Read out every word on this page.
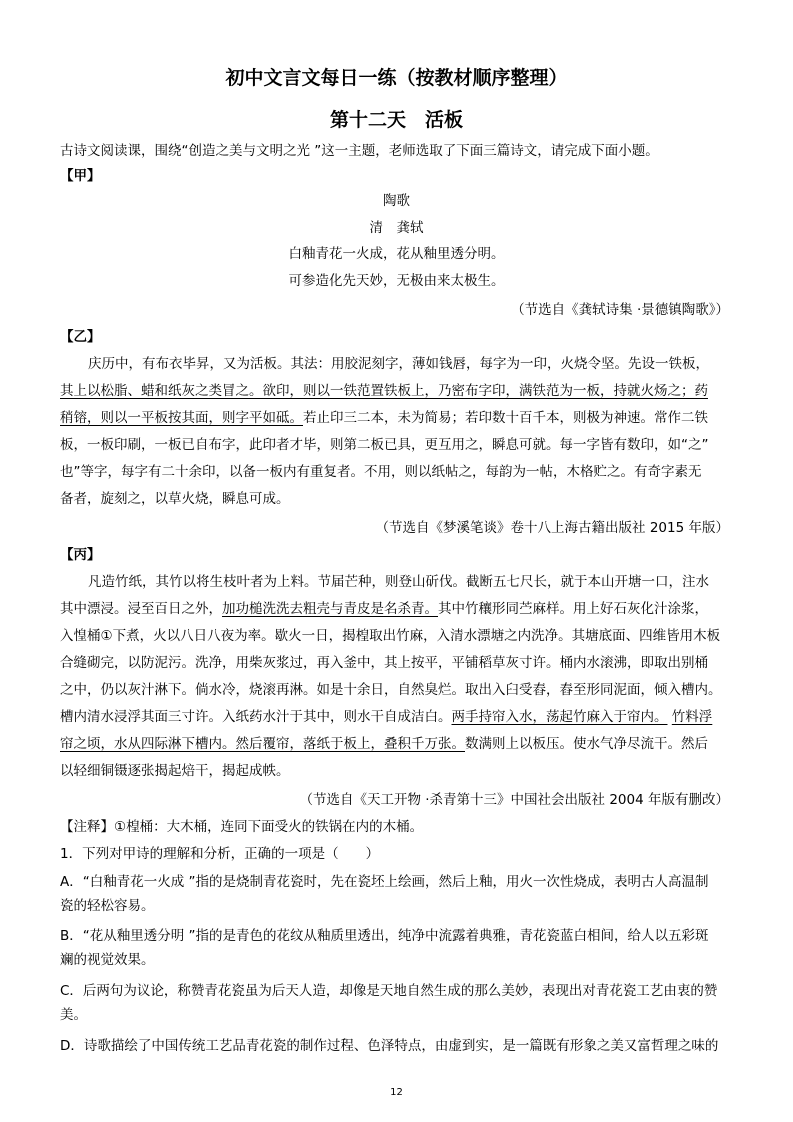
初中文言文每日一练（按教材顺序整理）
第十二天　活板
古诗文阅读课，围绕“创造之美与文明之光 ”这一主题，老师选取了下面三篇诗文，请完成下面小题。
【甲】
陶歌
清　龚轼
白釉青花一火成，花从釉里透分明。
可参造化先天妙，无极由来太极生。
（节选自《龚轼诗集 ·景德镇陶歌》）
【乙】
庆历中，有布衣毕昇，又为活板。其法：用胶泥刻字，薄如钱唇，每字为一印，火烧令坚。先设一铁板，
其上以松脂、蜡和纸灰之类冒之。欲印，则以一铁范置铁板上，乃密布字印，满铁范为一板，持就火炀之；药
稍镕，则以一平板按其面，则字平如砥。若止印三二本，未为简易；若印数十百千本，则极为神速。常作二铁
板，一板印刷，一板已自布字，此印者才毕，则第二板已具，更互用之，瞬息可就。每一字皆有数印，如“之”
也”等字，每字有二十余印，以备一板内有重复者。不用，则以纸帖之，每韵为一帖，木格贮之。有奇字素无
备者，旋刻之，以草火烧，瞬息可成。
（节选自《梦溪笔谈》卷十八上海古籍出版社 2015 年版）
【丙】
凡造竹纸，其竹以将生枝叶者为上料。节届芒种，则登山斫伐。截断五七尺长，就于本山开塘一口，注水
其中漂浸。浸至百日之外，加功槌洗洗去粗壳与青皮是名杀青。其中竹穰形同苎麻样。用上好石灰化汁涂浆，
入惶桶①下煮，火以八日八夜为率。歇火一日，揭楻取出竹麻，入清水漂塘之内洗净。其塘底面、四维皆用木板
合缝砌完，以防泥污。洗净，用柴灰浆过，再入釜中，其上按平，平铺稻草灰寸许。桶内水滚沸，即取出别桶
之中，仍以灰汁淋下。倘水冷，烧滚再淋。如是十余日，自然臭烂。取出入臼受舂，舂至形同泥面，倾入槽内。
槽内清水浸浮其面三寸许。入纸药水汁于其中，则水干自成洁白。两手持帘入水，荡起竹麻入于帘内。 竹料浮
帘之顷，水从四际淋下槽内。然后覆帘，落纸于板上，叠积千万张。数满则上以板压。使水气净尽流干。然后
以轻细铜镊逐张揭起焙干，揭起成帙。
（节选自《天工开物 ·杀青第十三》中国社会出版社 2004 年版有删改）
【注释】①楻桶：大木桶，连同下面受火的铁锅在内的木桶。
1．下列对甲诗的理解和分析，正确的一项是（　　）
A．“白釉青花一火成 ”指的是烧制青花瓷时，先在瓷坯上绘画，然后上釉，用火一次性烧成，表明古人高温制
瓷的轻松容易。
B．“花从釉里透分明 ”指的是青色的花纹从釉质里透出，纯净中流露着典雅，青花瓷蓝白相间，给人以五彩斑
斓的视觉效果。
C．后两句为议论，称赞青花瓷虽为后天人造，却像是天地自然生成的那么美妙，表现出对青花瓷工艺由衷的赞
美。
D．诗歌描绘了中国传统工艺品青花瓷的制作过程、色泽特点，由虚到实，是一篇既有形象之美又富哲理之味的
12
